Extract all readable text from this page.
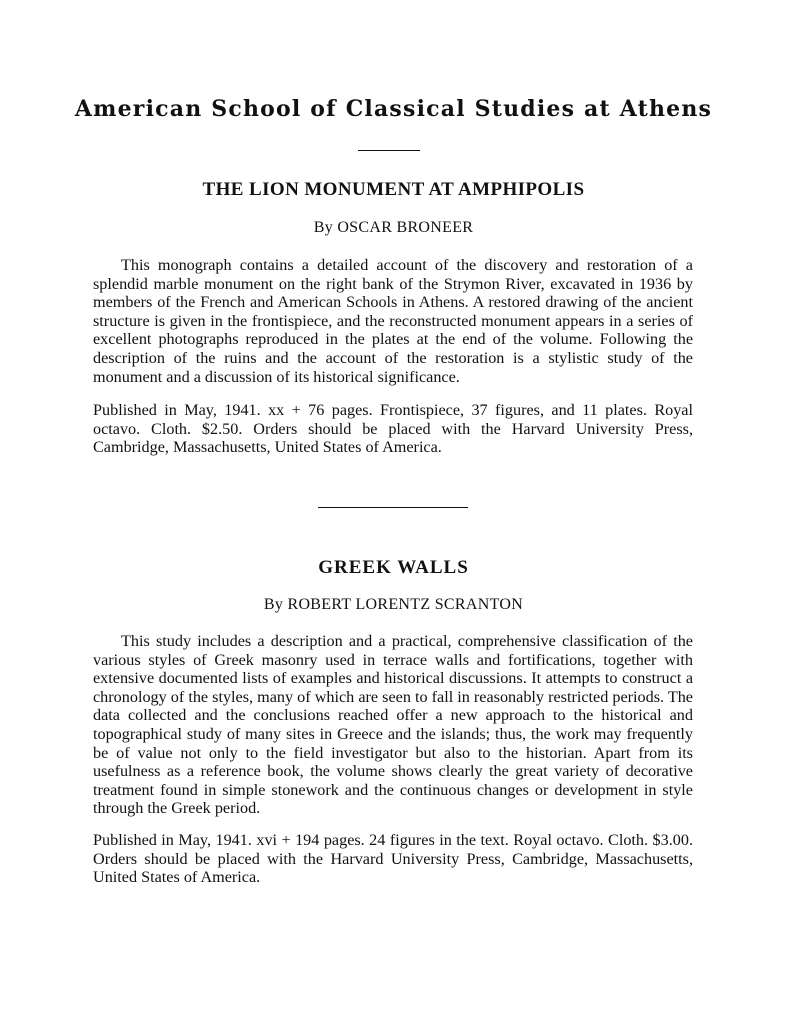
American School of Classical Studies at Athens
THE LION MONUMENT AT AMPHIPOLIS
By OSCAR BRONEER

This monograph contains a detailed account of the discovery and restoration of a splendid marble monument on the right bank of the Strymon River, excavated in 1936 by members of the French and American Schools in Athens. A restored drawing of the ancient structure is given in the frontispiece, and the reconstructed monument appears in a series of excellent photographs reproduced in the plates at the end of the volume. Following the description of the ruins and the account of the restoration is a stylistic study of the monument and a discussion of its historical significance.

Published in May, 1941. xx + 76 pages. Frontispiece, 37 figures, and 11 plates. Royal octavo. Cloth. $2.50. Orders should be placed with the Harvard University Press, Cambridge, Massachusetts, United States of America.

GREEK WALLS
By ROBERT LORENTZ SCRANTON

This study includes a description and a practical, comprehensive classification of the various styles of Greek masonry used in terrace walls and fortifications, together with extensive documented lists of examples and historical discussions. It attempts to construct a chronology of the styles, many of which are seen to fall in reasonably restricted periods. The data collected and the conclusions reached offer a new approach to the historical and topographical study of many sites in Greece and the islands; thus, the work may frequently be of value not only to the field investigator but also to the historian. Apart from its usefulness as a reference book, the volume shows clearly the great variety of decorative treatment found in simple stonework and the continuous changes or development in style through the Greek period.

Published in May, 1941. xvi + 194 pages. 24 figures in the text. Royal octavo. Cloth. $3.00. Orders should be placed with the Harvard University Press, Cambridge, Massachusetts, United States of America.
